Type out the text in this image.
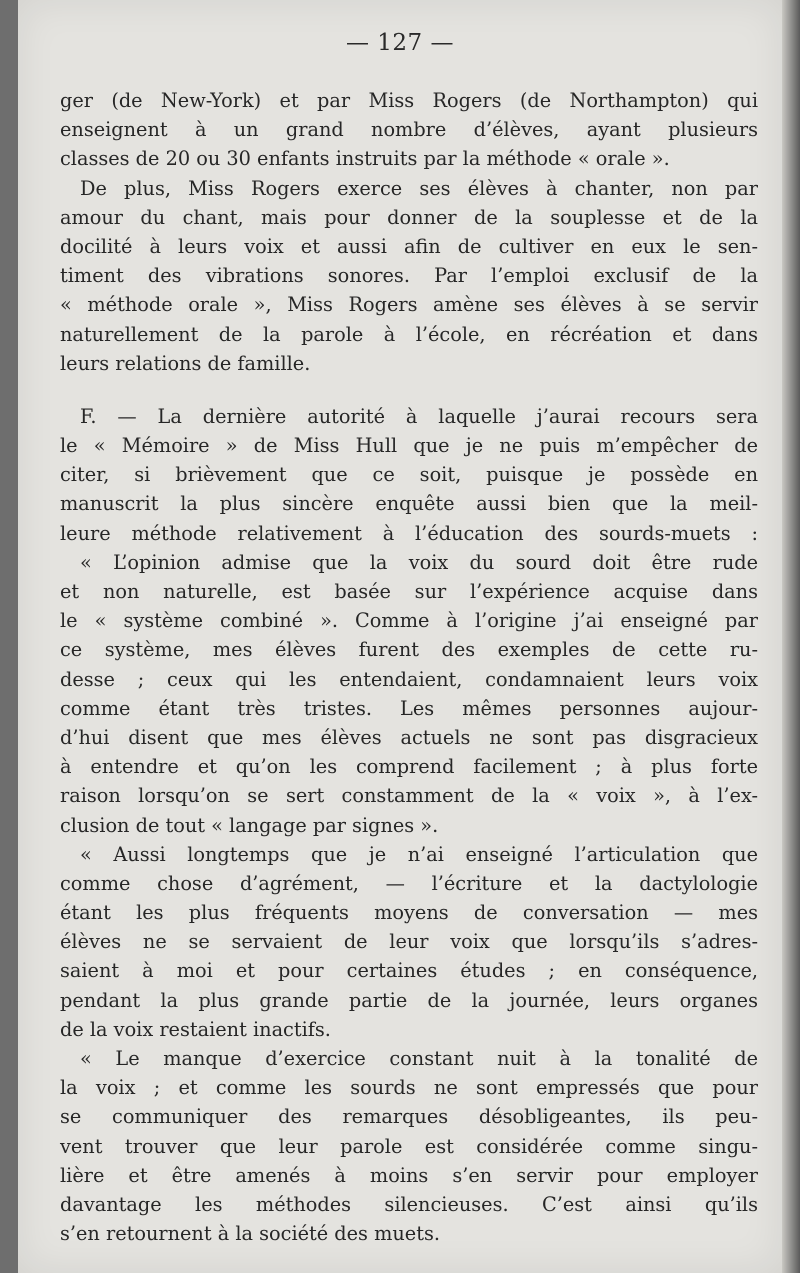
— 127 —
ger (de New-York) et par Miss Rogers (de Northampton) qui
enseignent à un grand nombre d’élèves, ayant plusieurs
classes de 20 ou 30 enfants instruits par la méthode « orale ».
De plus, Miss Rogers exerce ses élèves à chanter, non par
amour du chant, mais pour donner de la souplesse et de la
docilité à leurs voix et aussi afin de cultiver en eux le sen-
timent des vibrations sonores. Par l’emploi exclusif de la
« méthode orale », Miss Rogers amène ses élèves à se servir
naturellement de la parole à l’école, en récréation et dans
leurs relations de famille.
F. — La dernière autorité à laquelle j’aurai recours sera
le « Mémoire » de Miss Hull que je ne puis m’empêcher de
citer, si brièvement que ce soit, puisque je possède en
manuscrit la plus sincère enquête aussi bien que la meil-
leure méthode relativement à l’éducation des sourds-muets :
« L’opinion admise que la voix du sourd doit être rude
et non naturelle, est basée sur l’expérience acquise dans
le « système combiné ». Comme à l’origine j’ai enseigné par
ce système, mes élèves furent des exemples de cette ru-
desse ; ceux qui les entendaient, condamnaient leurs voix
comme étant très tristes. Les mêmes personnes aujour-
d’hui disent que mes élèves actuels ne sont pas disgracieux
à entendre et qu’on les comprend facilement ; à plus forte
raison lorsqu’on se sert constamment de la « voix », à l’ex-
clusion de tout « langage par signes ».
« Aussi longtemps que je n’ai enseigné l’articulation que
comme chose d’agrément, — l’écriture et la dactylologie
étant les plus fréquents moyens de conversation — mes
élèves ne se servaient de leur voix que lorsqu’ils s’adres-
saient à moi et pour certaines études ; en conséquence,
pendant la plus grande partie de la journée, leurs organes
de la voix restaient inactifs.
« Le manque d’exercice constant nuit à la tonalité de
la voix ; et comme les sourds ne sont empressés que pour
se communiquer des remarques désobligeantes, ils peu-
vent trouver que leur parole est considérée comme singu-
lière et être amenés à moins s’en servir pour employer
davantage les méthodes silencieuses. C’est ainsi qu’ils
s’en retournent à la société des muets.
